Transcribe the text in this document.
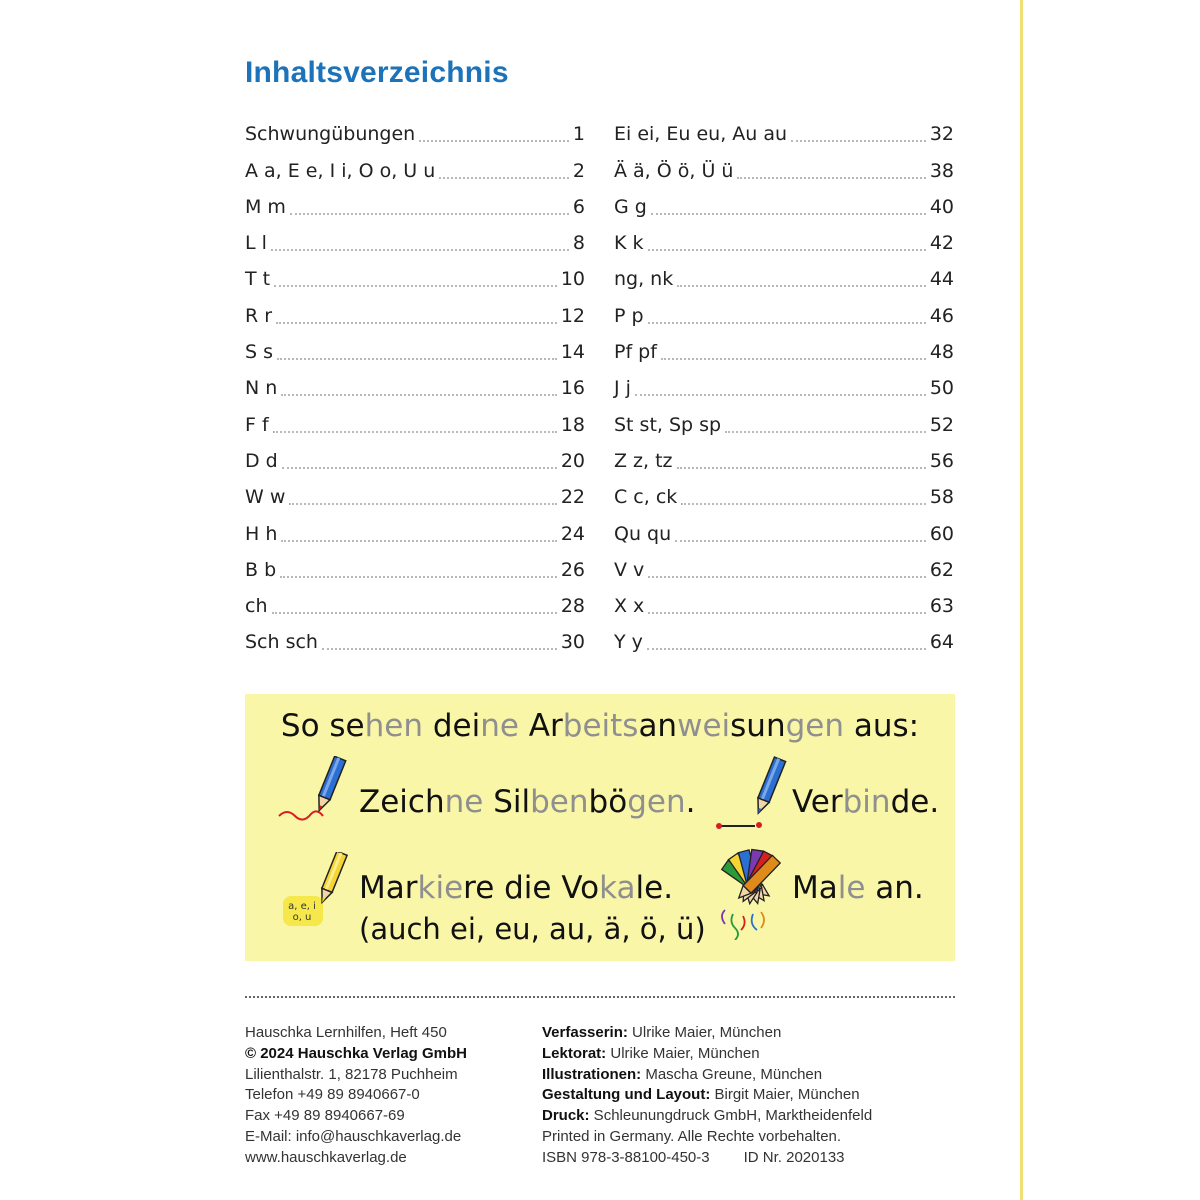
Inhaltsverzeichnis
Schwungübungen	1
A a, E e, I i, O o, U u	2
M m	6
L l	8
T t	10
R r	12
S s	14
N n	16
F f	18
D d	20
W w	22
H h	24
B b	26
ch	28
Sch sch	30
Ei ei, Eu eu, Au au	32
Ä ä, Ö ö, Ü ü	38
G g	40
K k	42
ng, nk	44
P p	46
Pf pf	48
J j	50
St st, Sp sp	52
Z z, tz	56
C c, ck	58
Qu qu	60
V v	62
X x	63
Y y	64
So sehen deine Arbeitsanweisungen aus:
Zeichne Silbenbögen.	Verbinde.
a, e, i
o, u
Markiere die Vokale.
(auch ei, eu, au, ä, ö, ü)
Male an.
Hauschka Lernhilfen, Heft 450
© 2024 Hauschka Verlag GmbH
Lilienthalstr. 1, 82178 Puchheim
Telefon +49 89 8940667-0
Fax +49 89 8940667-69
E-Mail: info@hauschkaverlag.de
www.hauschkaverlag.de
Verfasserin: Ulrike Maier, München
Lektorat: Ulrike Maier, München
Illustrationen: Mascha Greune, München
Gestaltung und Layout: Birgit Maier, München
Druck: Schleunungdruck GmbH, Marktheidenfeld
Printed in Germany. Alle Rechte vorbehalten.
ISBN 978-3-88100-450-3 ID Nr. 2020133
